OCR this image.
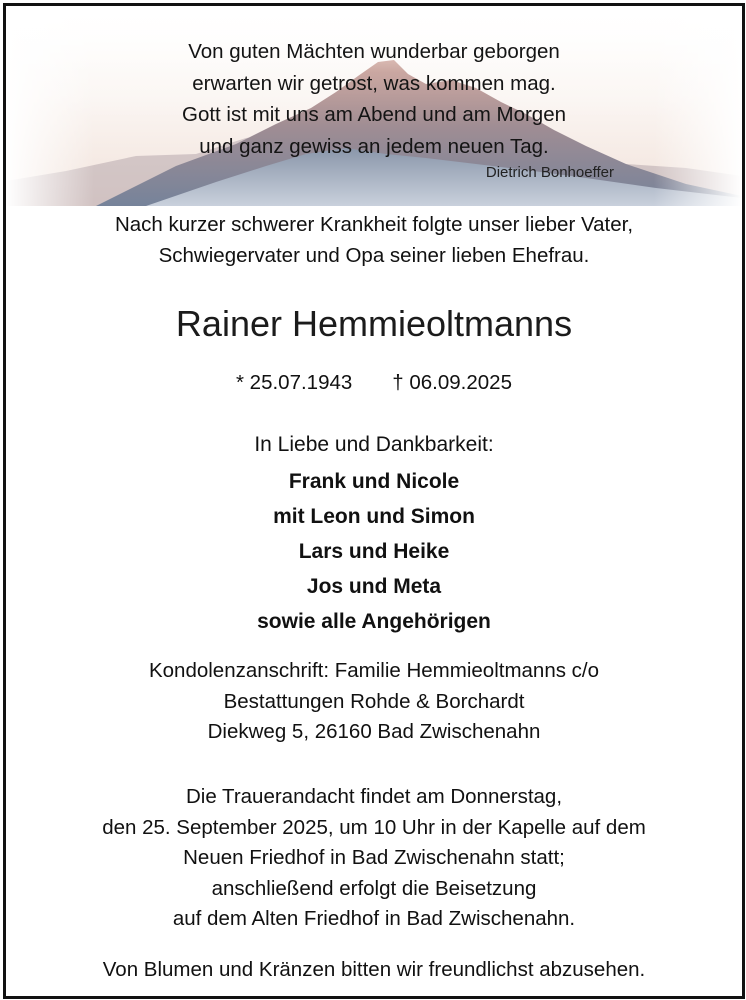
Von guten Mächten wunderbar geborgen
erwarten wir getrost, was kommen mag.
Gott ist mit uns am Abend und am Morgen
und ganz gewiss an jedem neuen Tag.
Dietrich Bonhoeffer
Nach kurzer schwerer Krankheit folgte unser lieber Vater,
Schwiegervater und Opa seiner lieben Ehefrau.
Rainer Hemmieoltmanns
* 25.07.1943 † 06.09.2025
In Liebe und Dankbarkeit:
Frank und Nicole
mit Leon und Simon
Lars und Heike
Jos und Meta
sowie alle Angehörigen
Kondolenzanschrift: Familie Hemmieoltmanns c/o
Bestattungen Rohde & Borchardt
Diekweg 5, 26160 Bad Zwischenahn
Die Trauerandacht findet am Donnerstag,
den 25. September 2025, um 10 Uhr in der Kapelle auf dem
Neuen Friedhof in Bad Zwischenahn statt;
anschließend erfolgt die Beisetzung
auf dem Alten Friedhof in Bad Zwischenahn.
Von Blumen und Kränzen bitten wir freundlichst abzusehen.
